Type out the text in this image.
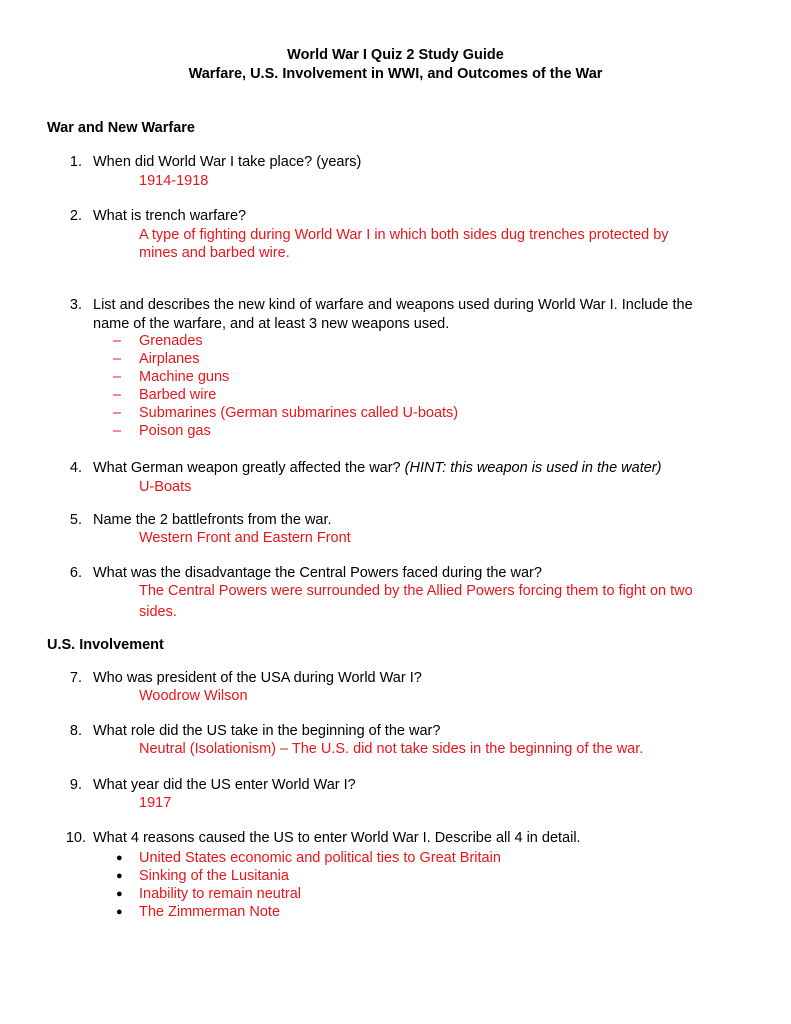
World War I Quiz 2 Study Guide
Warfare, U.S. Involvement in WWI, and Outcomes of the War
War and New Warfare
1. When did World War I take place? (years)
1914-1918
2. What is trench warfare?
A type of fighting during World War I in which both sides dug trenches protected by
mines and barbed wire.
3. List and describes the new kind of warfare and weapons used during World War I. Include the
name of the warfare, and at least 3 new weapons used.
– Grenades
– Airplanes
– Machine guns
– Barbed wire
– Submarines (German submarines called U-boats)
– Poison gas
4. What German weapon greatly affected the war? (HINT: this weapon is used in the water)
U-Boats
5. Name the 2 battlefronts from the war.
Western Front and Eastern Front
6. What was the disadvantage the Central Powers faced during the war?
The Central Powers were surrounded by the Allied Powers forcing them to fight on two
sides.
U.S. Involvement
7. Who was president of the USA during World War I?
Woodrow Wilson
8. What role did the US take in the beginning of the war?
Neutral (Isolationism) – The U.S. did not take sides in the beginning of the war.
9. What year did the US enter World War I?
1917
10. What 4 reasons caused the US to enter World War I. Describe all 4 in detail.
● United States economic and political ties to Great Britain
● Sinking of the Lusitania
● Inability to remain neutral
● The Zimmerman Note
